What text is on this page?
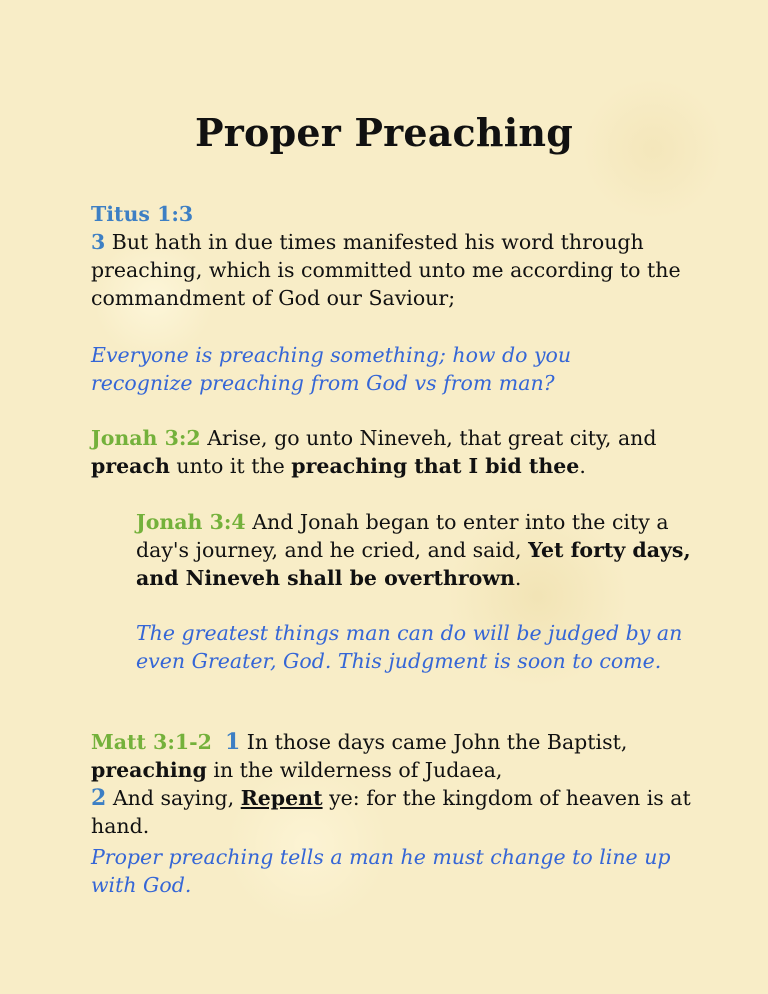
Proper Preaching
Titus 1:3
3 But hath in due times manifested his word through preaching, which is committed unto me according to the commandment of God our Saviour;
Everyone is preaching something; how do you recognize preaching from God vs from man?
Jonah 3:2 Arise, go unto Nineveh, that great city, and preach unto it the preaching that I bid thee.
Jonah 3:4 And Jonah began to enter into the city a day's journey, and he cried, and said, Yet forty days, and Nineveh shall be overthrown.
The greatest things man can do will be judged by an even Greater, God. This judgment is soon to come.
Matt 3:1-2 1 In those days came John the Baptist, preaching in the wilderness of Judaea,
2 And saying, Repent ye: for the kingdom of heaven is at hand.
Proper preaching tells a man he must change to line up with God.
